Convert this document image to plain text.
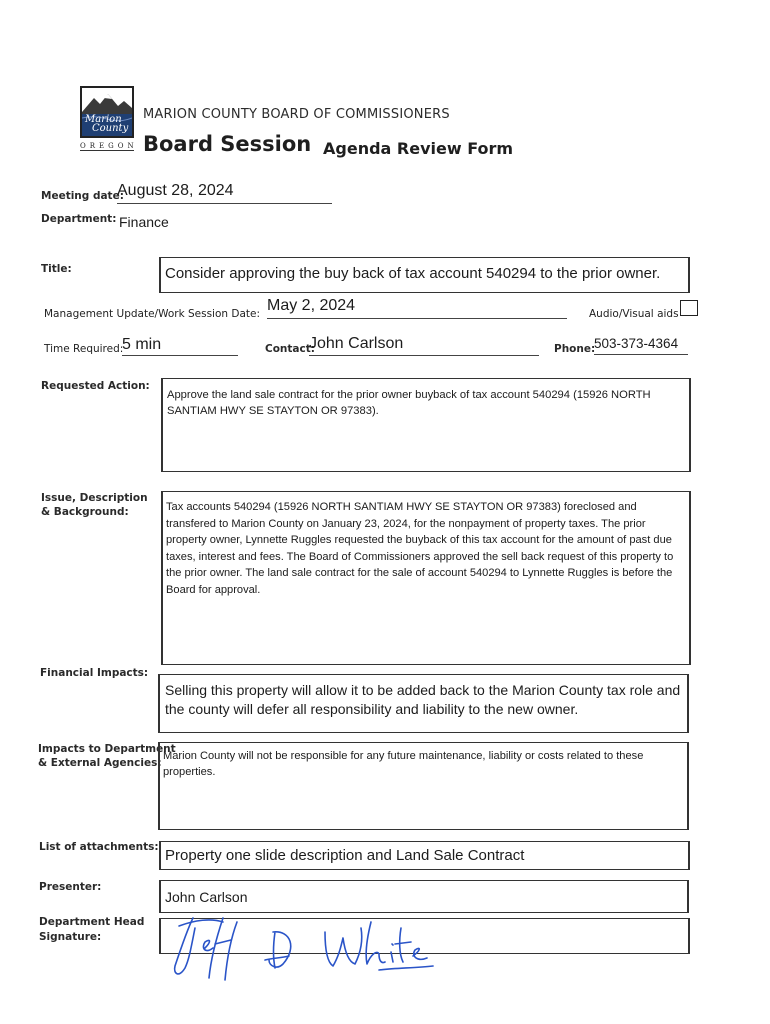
Marion
County
OREGON
MARION COUNTY BOARD OF COMMISSIONERS
Board Session Agenda Review Form
Meeting date:
August 28, 2024
Department: Finance
Title:	Consider approving the buy back of tax account 540294 to the prior owner.
Management Update/Work Session Date: May 2, 2024	Audio/Visual aids
Time Required:
5 min	Contact:
John Carlson	Phone:
503-373-4364
Requested Action:
Approve the land sale contract for the prior owner buyback of tax account 540294 (15926 NORTH SANTIAM HWY SE STAYTON OR 97383).
Issue, Description
& Background:	Tax accounts 540294 (15926 NORTH SANTIAM HWY SE STAYTON OR 97383) foreclosed and transfered to Marion County on January 23, 2024, for the nonpayment of property taxes. The prior property owner, Lynnette Ruggles requested the buyback of this tax account for the amount of past due taxes, interest and fees. The Board of Commissioners approved the sell back request of this property to the prior owner. The land sale contract for the sale of account 540294 to Lynnette Ruggles is before the Board for approval.
Financial Impacts:
Selling this property will allow it to be added back to the Marion County tax role and the county will defer all responsibility and liability to the new owner.
Impacts to Department
& External Agencies:
Marion County will not be responsible for any future maintenance, liability or costs related to these properties.
List of attachments: Property one slide description and Land Sale Contract
Presenter:
John Carlson
Department Head
Signature:
